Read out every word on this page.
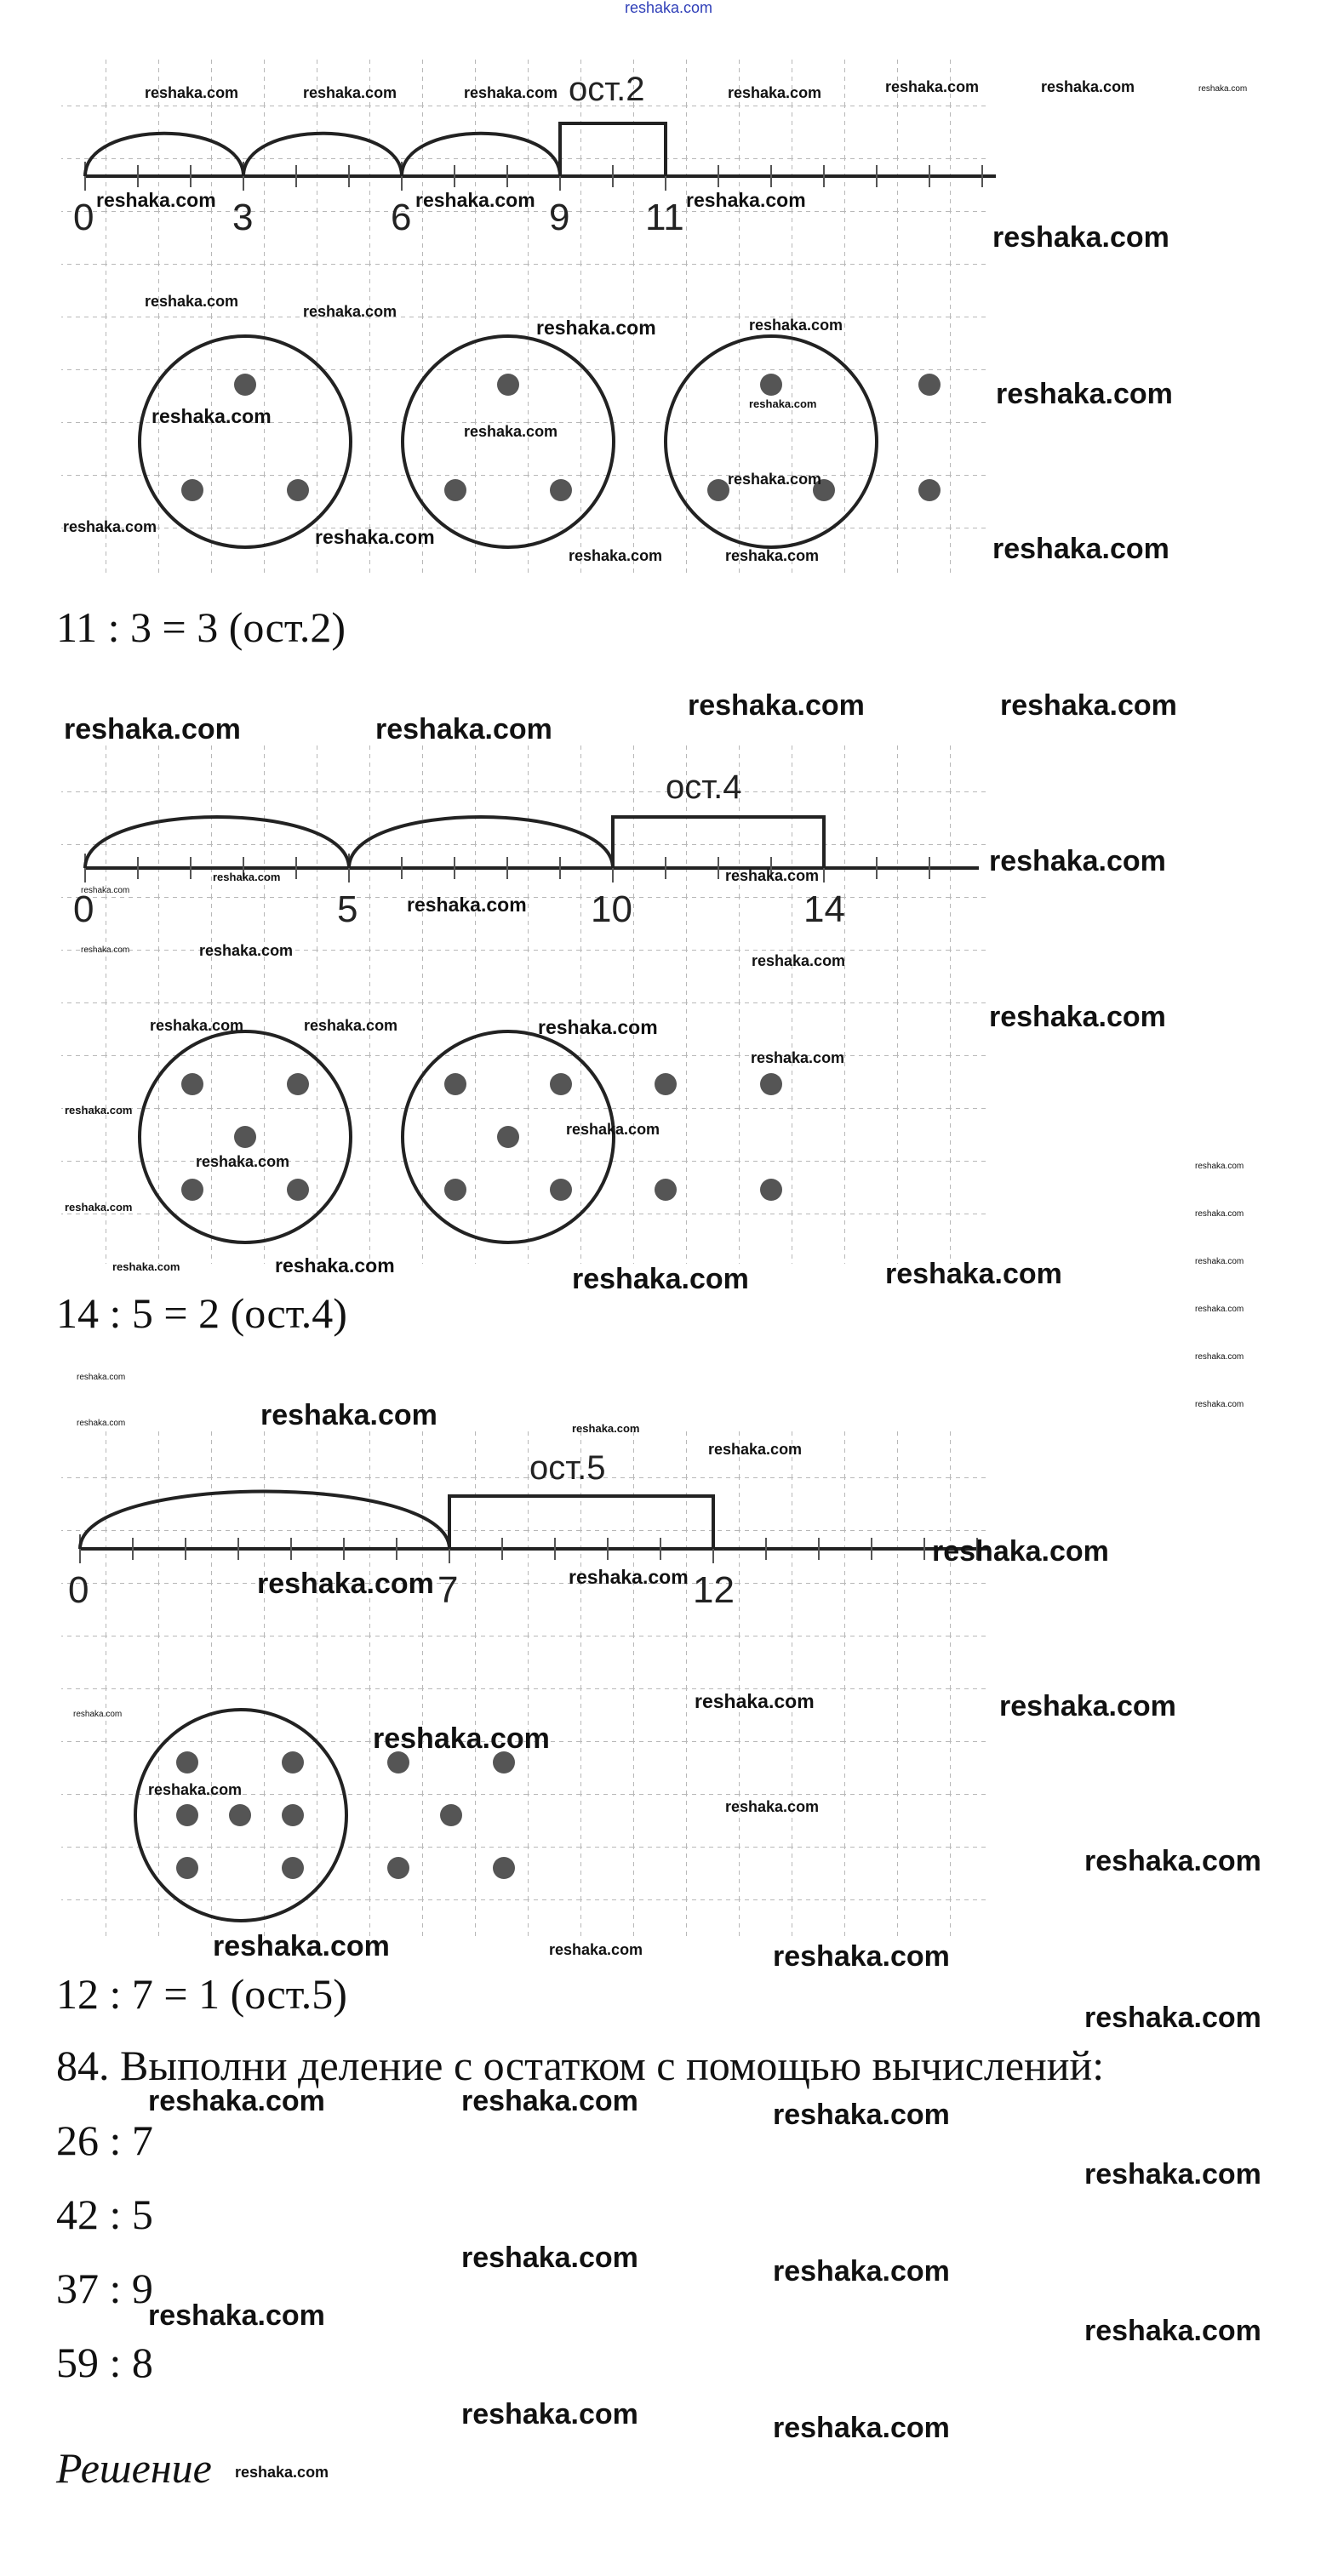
0	3	6	9 11
ост.2
0	5	10	14
ост.4
0	7	12
ост.5
11 : 3 = 3 (ост.2)
14 : 5 = 2 (ост.4)
12 : 7 = 1 (ост.5)
84. Выполни деление с остатком с помощью вычислений:
26 : 7
42 : 5
37 : 9
59 : 8
Решение
reshaka.com
reshaka.com	reshaka.com	reshaka.com	reshaka.com	reshaka.com	reshaka.com	reshaka.com
reshaka.com	reshaka.com	reshaka.com
reshaka.com
reshaka.com
reshaka.com
reshaka.com	reshaka.com
reshaka.com
reshaka.com
reshaka.com
reshaka.com
reshaka.com
reshaka.com	reshaka.com
reshaka.com	reshaka.com	reshaka.com
reshaka.com	reshaka.com
reshaka.com	reshaka.com
reshaka.com
reshaka.com
reshaka.com
reshaka.com
reshaka.com
reshaka.com	reshaka.com
reshaka.com
reshaka.com
reshaka.com	reshaka.com	reshaka.com
reshaka.com
reshaka.com
reshaka.com
reshaka.com	reshaka.com
reshaka.com
reshaka.com
reshaka.com
reshaka.com	reshaka.com	reshaka.com	reshaka.com
reshaka.com
reshaka.com
reshaka.com
reshaka.com
reshaka.com
reshaka.com	reshaka.com
reshaka.com
reshaka.com
reshaka.com	reshaka.com
reshaka.com
reshaka.com	reshaka.com
reshaka.com
reshaka.com
reshaka.com
reshaka.com
reshaka.com	reshaka.com	reshaka.com
reshaka.com
reshaka.com	reshaka.com	reshaka.com
reshaka.com
reshaka.com	reshaka.com
reshaka.com	reshaka.com
reshaka.com	reshaka.com
reshaka.com
